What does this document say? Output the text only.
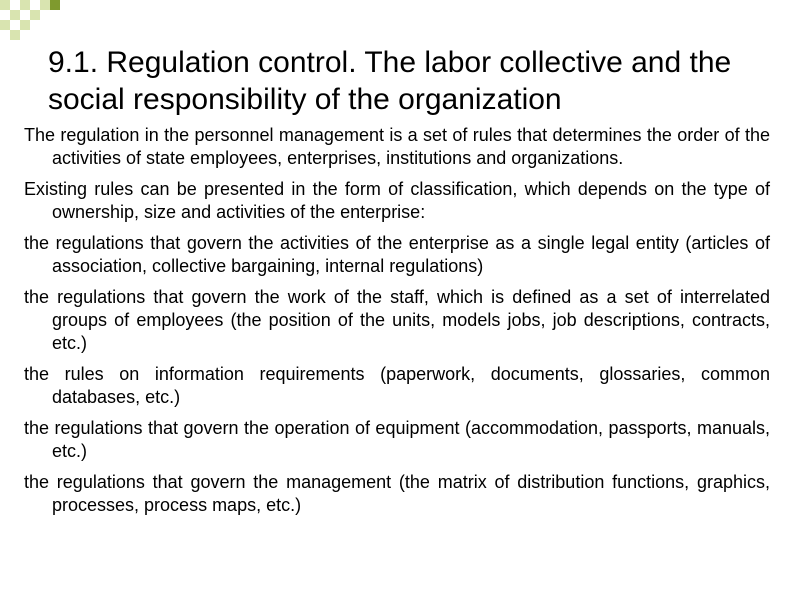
9.1. Regulation control. The labor collective and the social responsibility of the organization
The regulation in the personnel management is a set of rules that determines the order of the activities of state employees, enterprises, institutions and organizations.
Existing rules can be presented in the form of classification, which depends on the type of ownership, size and activities of the enterprise:
the regulations that govern the activities of the enterprise as a single legal entity (articles of association, collective bargaining, internal regulations)
the regulations that govern the work of the staff, which is defined as a set of interrelated groups of employees (the position of the units, models jobs, job descriptions, contracts, etc.)
the rules on information requirements (paperwork, documents, glossaries, common databases, etc.)
the regulations that govern the operation of equipment (accommodation, passports, manuals, etc.)
the regulations that govern the management (the matrix of distribution functions, graphics, processes, process maps, etc.)
